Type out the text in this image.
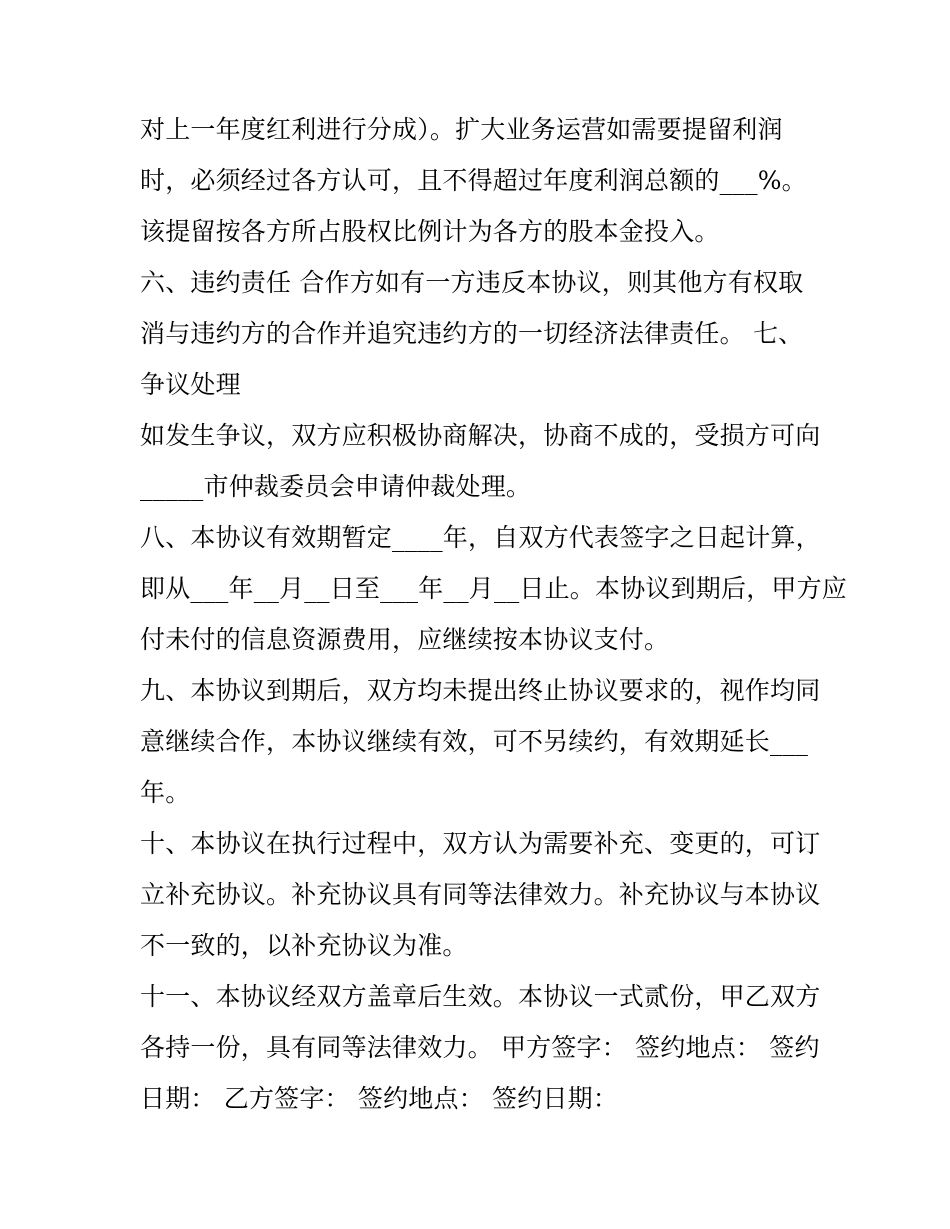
对上一年度红利进行分成）。扩大业务运营如需要提留利润
时，必须经过各方认可，且不得超过年度利润总额的___%。
该提留按各方所占股权比例计为各方的股本金投入。
六、违约责任 合作方如有一方违反本协议，则其他方有权取
消与违约方的合作并追究违约方的一切经济法律责任。 七、
争议处理
如发生争议，双方应积极协商解决，协商不成的，受损方可向
_____市仲裁委员会申请仲裁处理。
八、本协议有效期暂定____年，自双方代表签字之日起计算，
即从___年__月__日至___年__月__日止。本协议到期后，甲方应
付未付的信息资源费用，应继续按本协议支付。
九、本协议到期后，双方均未提出终止协议要求的，视作均同
意继续合作，本协议继续有效，可不另续约，有效期延长___
年。
十、本协议在执行过程中，双方认为需要补充、变更的，可订
立补充协议。补充协议具有同等法律效力。补充协议与本协议
不一致的，以补充协议为准。
十一、本协议经双方盖章后生效。本协议一式贰份，甲乙双方
各持一份，具有同等法律效力。 甲方签字： 签约地点： 签约
日期： 乙方签字： 签约地点： 签约日期：
